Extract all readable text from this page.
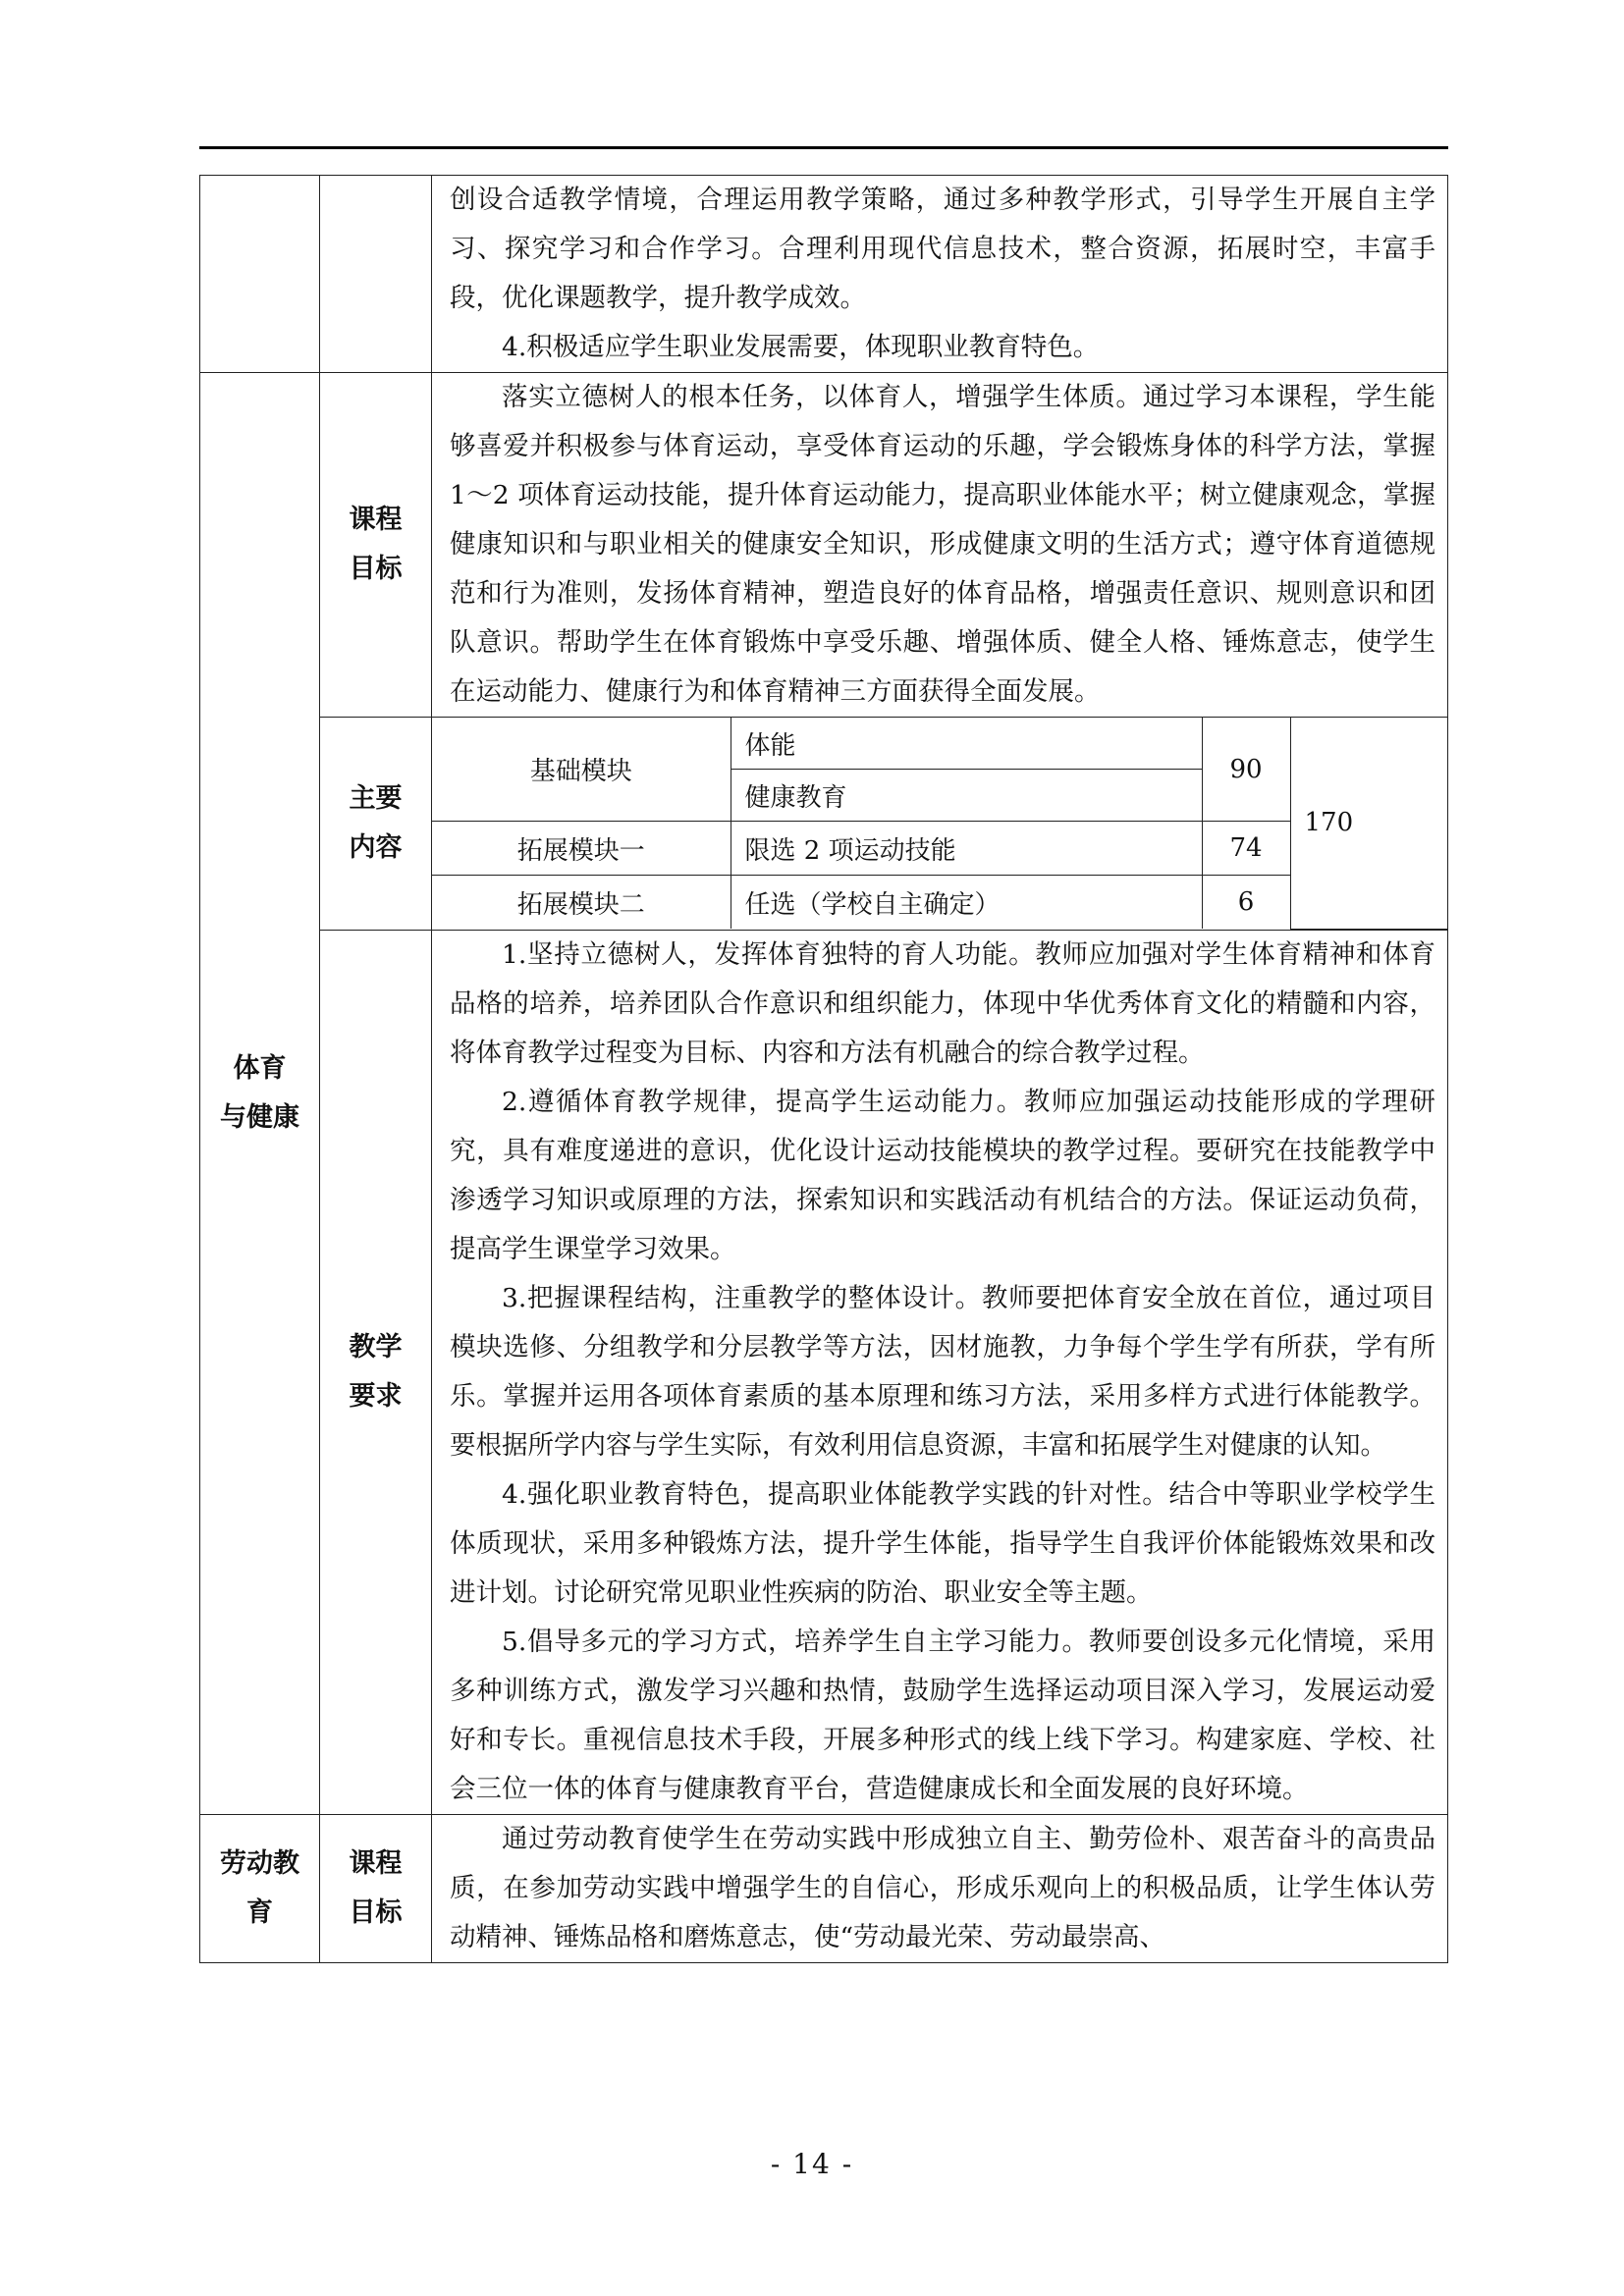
创设合适教学情境，合理运用教学策略，通过多种教学形式，引导学生开展自主学习、探究学习和合作学习。合理利用现代信息技术，整合资源，拓展时空，丰富手段，优化课题教学，提升教学成效。

4.积极适应学生职业发展需要，体现职业教育特色。

体育
与健康

课程
目标

落实立德树人的根本任务，以体育人，增强学生体质。通过学习本课程，学生能够喜爱并积极参与体育运动，享受体育运动的乐趣，学会锻炼身体的科学方法，掌握 1～2 项体育运动技能，提升体育运动能力，提高职业体能水平；树立健康观念，掌握健康知识和与职业相关的健康安全知识，形成健康文明的生活方式；遵守体育道德规范和行为准则，发扬体育精神，塑造良好的体育品格，增强责任意识、规则意识和团队意识。帮助学生在体育锻炼中享受乐趣、增强体质、健全人格、锤炼意志，使学生在运动能力、健康行为和体育精神三方面获得全面发展。

主要
内容

基础模块	体能	90	170
健康教育
拓展模块一	限选 2 项运动技能	74
拓展模块二	任选（学校自主确定）	6

教学
要求

1.坚持立德树人，发挥体育独特的育人功能。教师应加强对学生体育精神和体育品格的培养，培养团队合作意识和组织能力，体现中华优秀体育文化的精髓和内容，将体育教学过程变为目标、内容和方法有机融合的综合教学过程。

2.遵循体育教学规律，提高学生运动能力。教师应加强运动技能形成的学理研究，具有难度递进的意识，优化设计运动技能模块的教学过程。要研究在技能教学中渗透学习知识或原理的方法，探索知识和实践活动有机结合的方法。保证运动负荷，提高学生课堂学习效果。

3.把握课程结构，注重教学的整体设计。教师要把体育安全放在首位，通过项目模块选修、分组教学和分层教学等方法，因材施教，力争每个学生学有所获，学有所乐。掌握并运用各项体育素质的基本原理和练习方法，采用多样方式进行体能教学。要根据所学内容与学生实际，有效利用信息资源，丰富和拓展学生对健康的认知。

4.强化职业教育特色，提高职业体能教学实践的针对性。结合中等职业学校学生体质现状，采用多种锻炼方法，提升学生体能，指导学生自我评价体能锻炼效果和改进计划。讨论研究常见职业性疾病的防治、职业安全等主题。

5.倡导多元的学习方式，培养学生自主学习能力。教师要创设多元化情境，采用多种训练方式，激发学习兴趣和热情，鼓励学生选择运动项目深入学习，发展运动爱好和专长。重视信息技术手段，开展多种形式的线上线下学习。构建家庭、学校、社会三位一体的体育与健康教育平台，营造健康成长和全面发展的良好环境。

劳动教
育

课程
目标

通过劳动教育使学生在劳动实践中形成独立自主、勤劳俭朴、艰苦奋斗的高贵品质，在参加劳动实践中增强学生的自信心，形成乐观向上的积极品质，让学生体认劳动精神、锤炼品格和磨炼意志，使“劳动最光荣、劳动最崇高、

- 14 -
